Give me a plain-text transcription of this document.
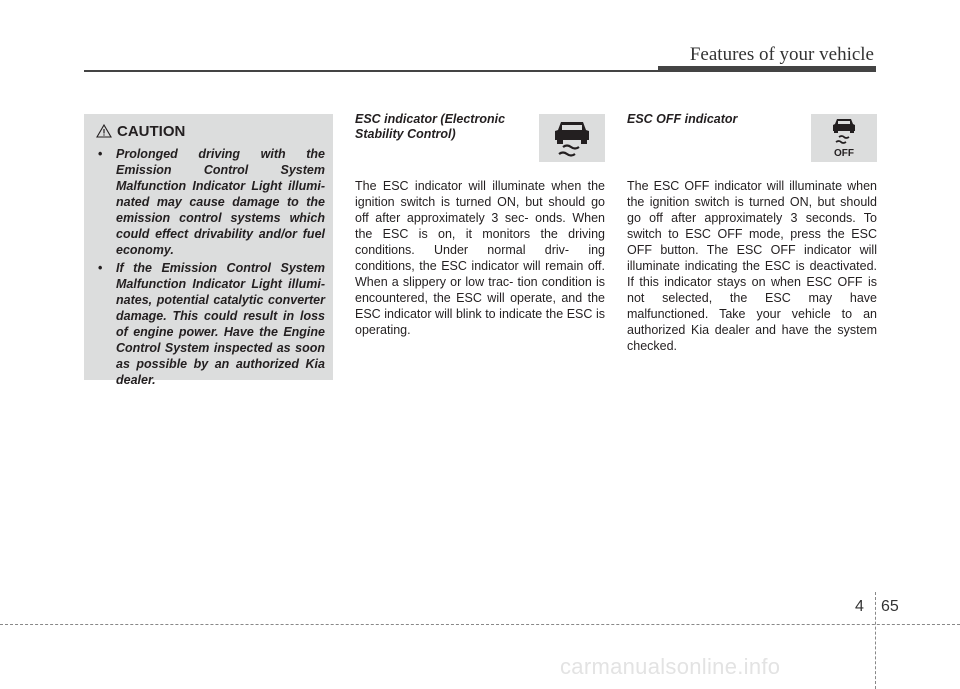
Features of your vehicle
CAUTION
• Prolonged driving with the Emission Control System Malfunction Indicator Light illumi- nated may cause damage to the emission control systems which could effect drivability and/or fuel economy.
• If the Emission Control System Malfunction Indicator Light illumi- nates, potential catalytic converter damage. This could result in loss of engine power. Have the Engine Control System inspected as soon as possible by an authorized Kia dealer.

ESC indicator (Electronic Stability Control)

The ESC indicator will illuminate when the ignition switch is turned ON, but should go off after approximately 3 sec- onds. When the ESC is on, it monitors the driving conditions. Under normal driv- ing conditions, the ESC indicator will remain off. When a slippery or low trac- tion condition is encountered, the ESC will operate, and the ESC indicator will blink to indicate the ESC is operating.

ESC OFF indicator

OFF

The ESC OFF indicator will illuminate when the ignition switch is turned ON, but should go off after approximately 3 seconds. To switch to ESC OFF mode, press the ESC OFF button. The ESC OFF indicator will illuminate indicating the ESC is deactivated. If this indicator stays on when ESC OFF is not selected, the ESC may have malfunctioned. Take your vehicle to an authorized Kia dealer and have the system checked.

4 65
carmanualsonline.info
